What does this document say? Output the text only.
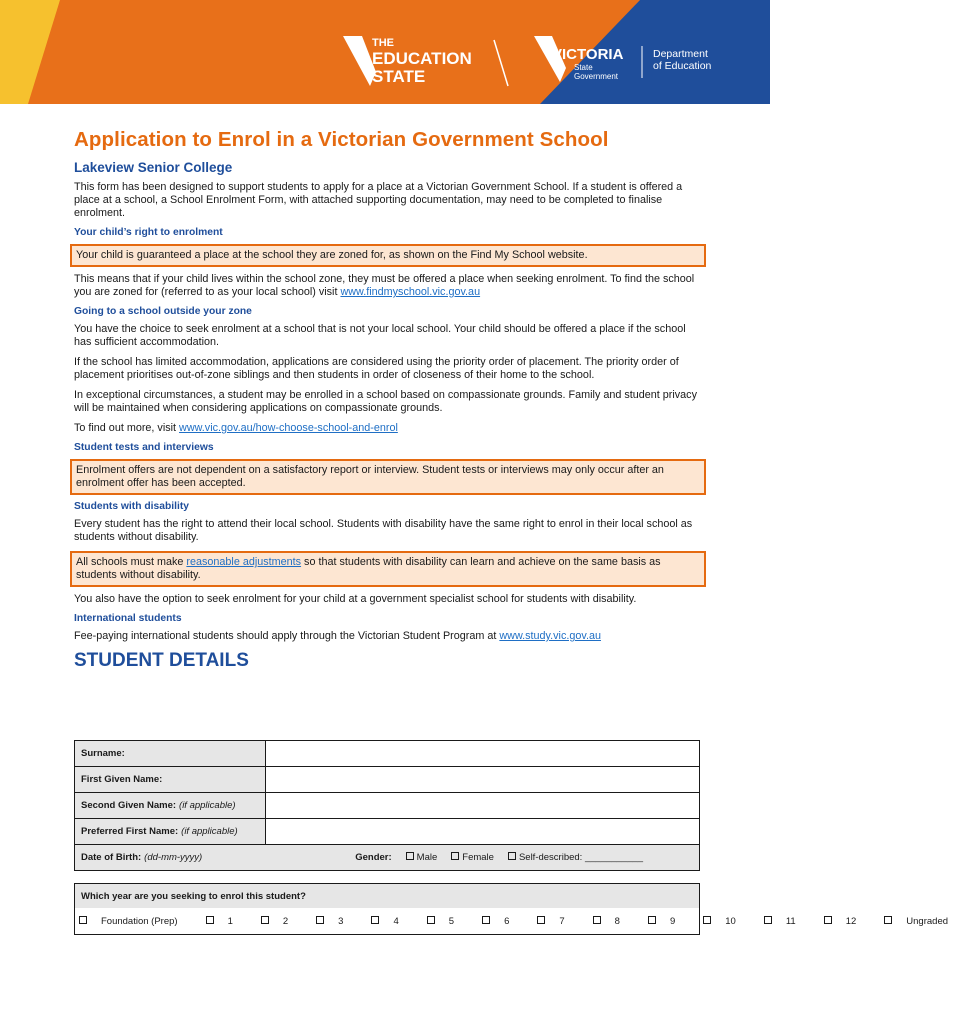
THE
EDUCATION
STATE
VICTORIA
State
Government
Department
of Education
Application to Enrol in a Victorian Government School
Lakeview Senior College

This form has been designed to support students to apply for a place at a Victorian Government School. If a student is offered a place at a school, a School Enrolment Form, with attached supporting documentation, may need to be completed to finalise enrolment.

Your child’s right to enrolment
Your child is guaranteed a place at the school they are zoned for, as shown on the Find My School website.

This means that if your child lives within the school zone, they must be offered a place when seeking enrolment. To find the school you are zoned for (referred to as your local school) visit www.findmyschool.vic.gov.au

Going to a school outside your zone

You have the choice to seek enrolment at a school that is not your local school. Your child should be offered a place if the school has sufficient accommodation.

If the school has limited accommodation, applications are considered using the priority order of placement. The priority order of placement prioritises out-of-zone siblings and then students in order of closeness of their home to the school.

In exceptional circumstances, a student may be enrolled in a school based on compassionate grounds. Family and student privacy will be maintained when considering applications on compassionate grounds.

To find out more, visit www.vic.gov.au/how-choose-school-and-enrol

Student tests and interviews
Enrolment offers are not dependent on a satisfactory report or interview. Student tests or interviews may only occur after an enrolment offer has been accepted.
Students with disability

Every student has the right to attend their local school. Students with disability have the same right to enrol in their local school as students without disability.

All schools must make reasonable adjustments so that students with disability can learn and achieve on the same basis as students without disability.

You also have the option to seek enrolment for your child at a government specialist school for students with disability.

International students

Fee-paying international students should apply through the Victorian Student Program at www.study.vic.gov.au

STUDENT DETAILS
Surname:
First Given Name:
Second Given Name: (if applicable)
Preferred First Name: (if applicable)
Date of Birth: (dd-mm-yyyy)	Gender:	Male	Female	Self-described: ___________
Which year are you seeking to enrol this student?
Foundation (Prep)	1	2	3	4	5	6	7	8	9	10	11	12	Ungraded
